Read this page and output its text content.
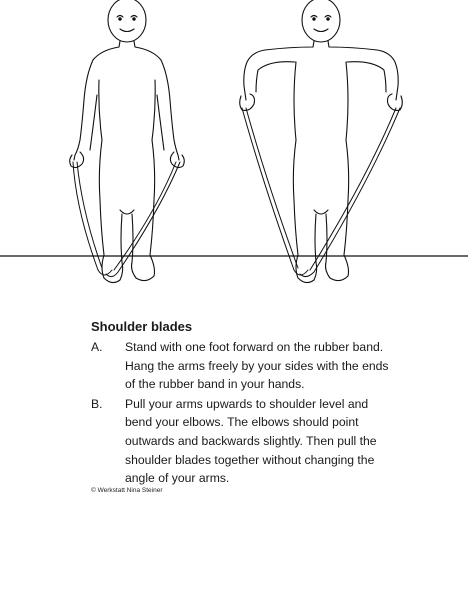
Shoulder blades

A. Stand with one foot forward on the rubber band. Hang the arms freely by your sides with the ends of the rubber band in your hands.
B. Pull your arms upwards to shoulder level and bend your elbows. The elbows should point outwards and backwards slightly. Then pull the shoulder blades together without changing the angle of your arms.
© Werkstatt Nina Steiner
